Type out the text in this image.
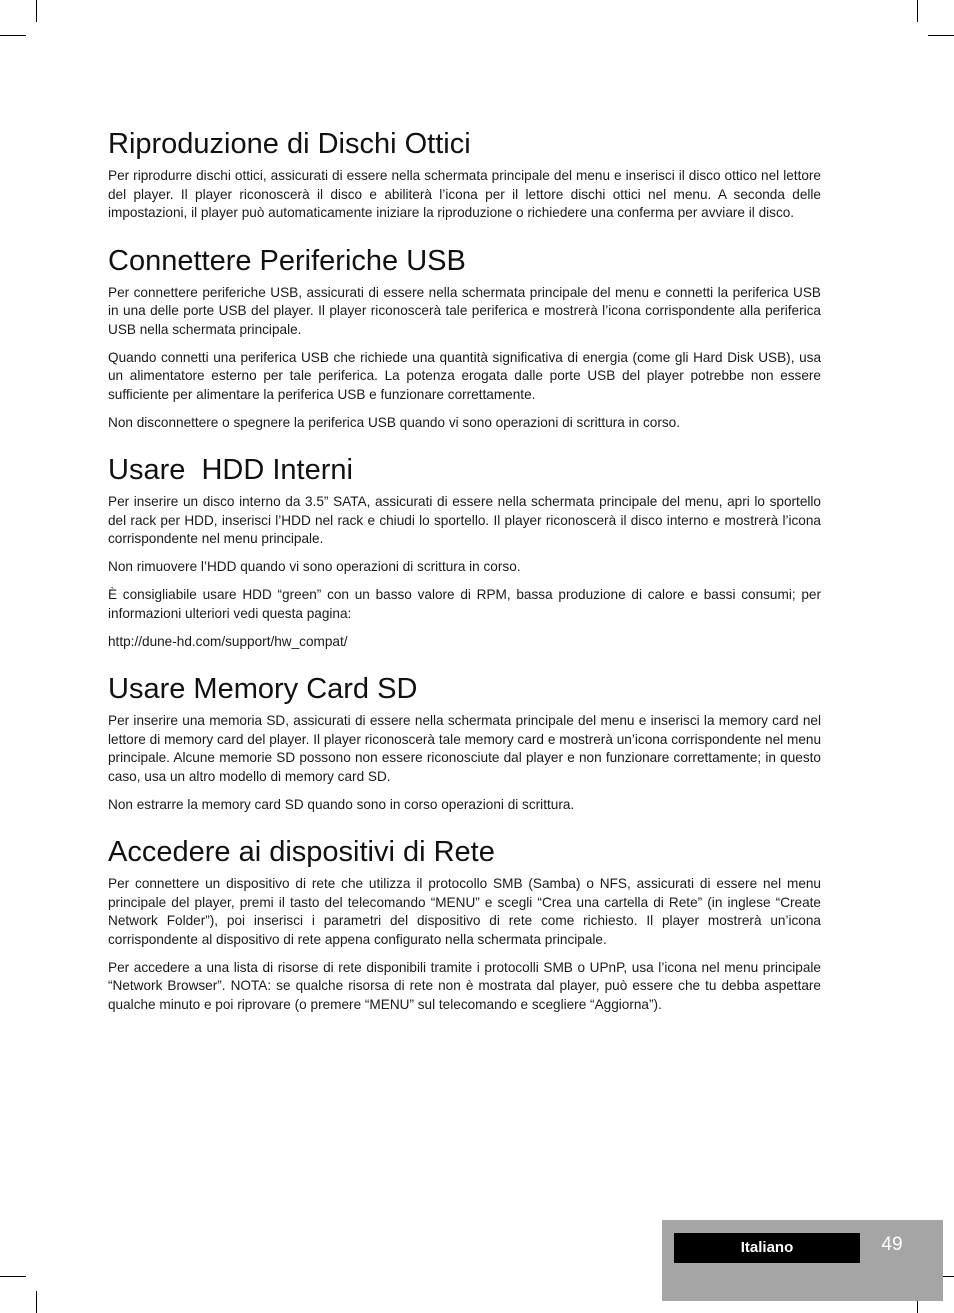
Riproduzione di Dischi Ottici

Per riprodurre dischi ottici, assicurati di essere nella schermata principale del menu e inserisci il disco ottico nel lettore del player. Il player riconoscerà il disco e abiliterà l’icona per il lettore dischi ottici nel menu. A seconda delle impostazioni, il player può automaticamente iniziare la riproduzione o richiedere una conferma per avviare il disco.

Connettere Periferiche USB

Per connettere periferiche USB, assicurati di essere nella schermata principale del menu e connetti la periferica USB in una delle porte USB del player. Il player riconoscerà tale periferica e mostrerà l’icona corrispondente alla periferica USB nella schermata principale.

Quando connetti una periferica USB che richiede una quantità significativa di energia (come gli Hard Disk USB), usa un alimentatore esterno per tale periferica. La potenza erogata dalle porte USB del player potrebbe non essere sufficiente per alimentare la periferica USB e funzionare correttamente.

Non disconnettere o spegnere la periferica USB quando vi sono operazioni di scrittura in corso.

Usare  HDD Interni

Per inserire un disco interno da 3.5” SATA, assicurati di essere nella schermata principale del menu, apri lo sportello del rack per HDD, inserisci l’HDD nel rack e chiudi lo sportello. Il player riconoscerà il disco interno e mostrerà l’icona corrispondente nel menu principale.

Non rimuovere l’HDD quando vi sono operazioni di scrittura in corso.

È consigliabile usare HDD “green” con un basso valore di RPM, bassa produzione di calore e bassi consumi; per informazioni ulteriori vedi questa pagina:

http://dune-hd.com/support/hw_compat/

Usare Memory Card SD

Per inserire una memoria SD, assicurati di essere nella schermata principale del menu e inserisci la memory card nel lettore di memory card del player. Il player riconoscerà tale memory card e mostrerà un’icona corrispondente nel menu principale. Alcune memorie SD possono non essere riconosciute dal player e non funzionare correttamente; in questo caso, usa un altro modello di memory card SD.

Non estrarre la memory card SD quando sono in corso operazioni di scrittura.

Accedere ai dispositivi di Rete

Per connettere un dispositivo di rete che utilizza il protocollo SMB (Samba) o NFS, assicurati di essere nel menu principale del player, premi il tasto del telecomando “MENU” e scegli “Crea una cartella di Rete” (in inglese “Create Network Folder”), poi inserisci i parametri del dispositivo di rete come richiesto. Il player mostrerà un’icona corrispondente al dispositivo di rete appena configurato nella schermata principale.

Per accedere a una lista di risorse di rete disponibili tramite i protocolli SMB o UPnP, usa l’icona nel menu principale “Network Browser”. NOTA: se qualche risorsa di rete non è mostrata dal player, può essere che tu debba aspettare qualche minuto e poi riprovare (o premere “MENU” sul telecomando e scegliere “Aggiorna”).

Italiano	49
